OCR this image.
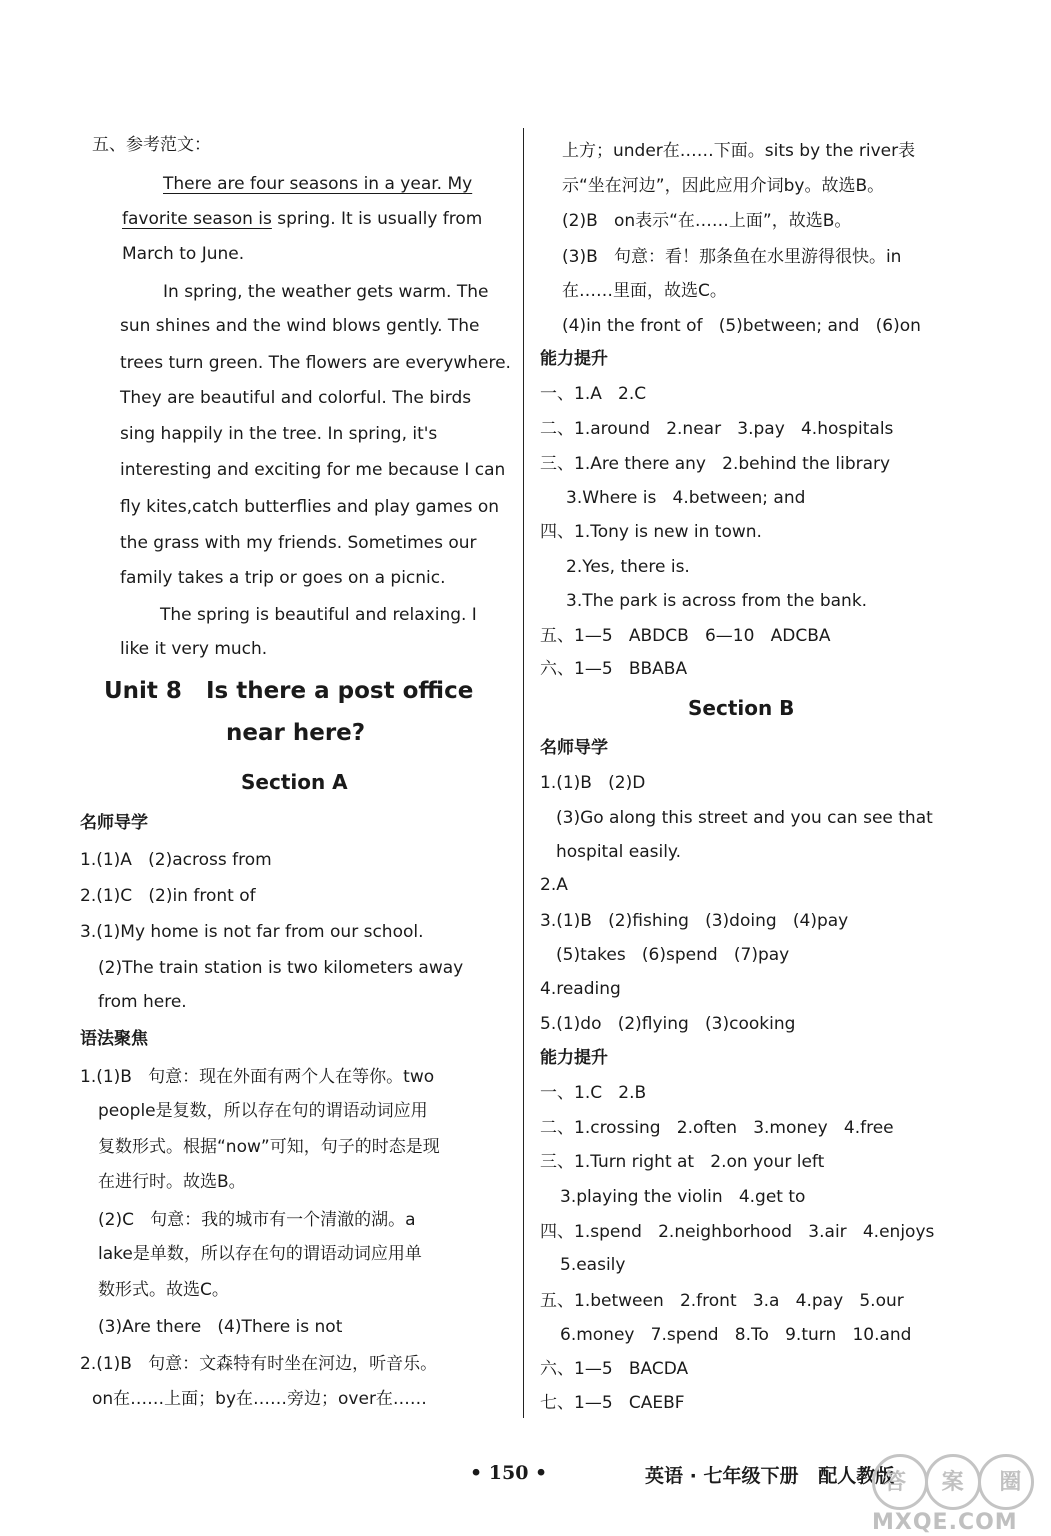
五、参考范文：
There are four seasons in a year. My
favorite season is spring. It is usually from
March to June.
In spring, the weather gets warm. The
sun shines and the wind blows gently. The
trees turn green. The flowers are everywhere.
They are beautiful and colorful. The birds
sing happily in the tree. In spring, it's
interesting and exciting for me because I can
fly kites,catch butterflies and play games on
the grass with my friends. Sometimes our
family takes a trip or goes on a picnic.
The spring is beautiful and relaxing. I
like it very much.
Unit 8   Is there a post office
near here?
Section A
名师导学
1.(1)A   (2)across from
2.(1)C   (2)in front of
3.(1)My home is not far from our school.
(2)The train station is two kilometers away
from here.
语法聚焦
1.(1)B   句意：现在外面有两个人在等你。two
people是复数，所以存在句的谓语动词应用
复数形式。根据“now”可知，句子的时态是现
在进行时。故选B。
(2)C   句意：我的城市有一个清澈的湖。a
lake是单数，所以存在句的谓语动词应用单
数形式。故选C。
(3)Are there   (4)There is not
2.(1)B   句意：文森特有时坐在河边，听音乐。
on在……上面；by在……旁边；over在……
上方；under在……下面。sits by the river表
示“坐在河边”，因此应用介词by。故选B。
(2)B   on表示“在……上面”，故选B。
(3)B   句意：看！那条鱼在水里游得很快。in
在……里面，故选C。
(4)in the front of   (5)between; and   (6)on
能力提升
一、1.A   2.C
二、1.around   2.near   3.pay   4.hospitals
三、1.Are there any   2.behind the library
3.Where is   4.between; and
四、1.Tony is new in town.
2.Yes, there is.
3.The park is across from the bank.
五、1—5   ABDCB   6—10   ADCBA
六、1—5   BBABA
Section B
名师导学
1.(1)B   (2)D
(3)Go along this street and you can see that
hospital easily.
2.A
3.(1)B   (2)fishing   (3)doing   (4)pay
(5)takes   (6)spend   (7)pay
4.reading
5.(1)do   (2)flying   (3)cooking
能力提升
一、1.C   2.B
二、1.crossing   2.often   3.money   4.free
三、1.Turn right at   2.on your left
3.playing the violin   4.get to
四、1.spend   2.neighborhood   3.air   4.enjoys
5.easily
五、1.between   2.front   3.a   4.pay   5.our
6.money   7.spend   8.To   9.turn   10.and
六、1—5   BACDA
七、1—5   CAEBF
• 150 •	英语 · 七年级下册   配人教版
答 案 圈
MXQE.COM
